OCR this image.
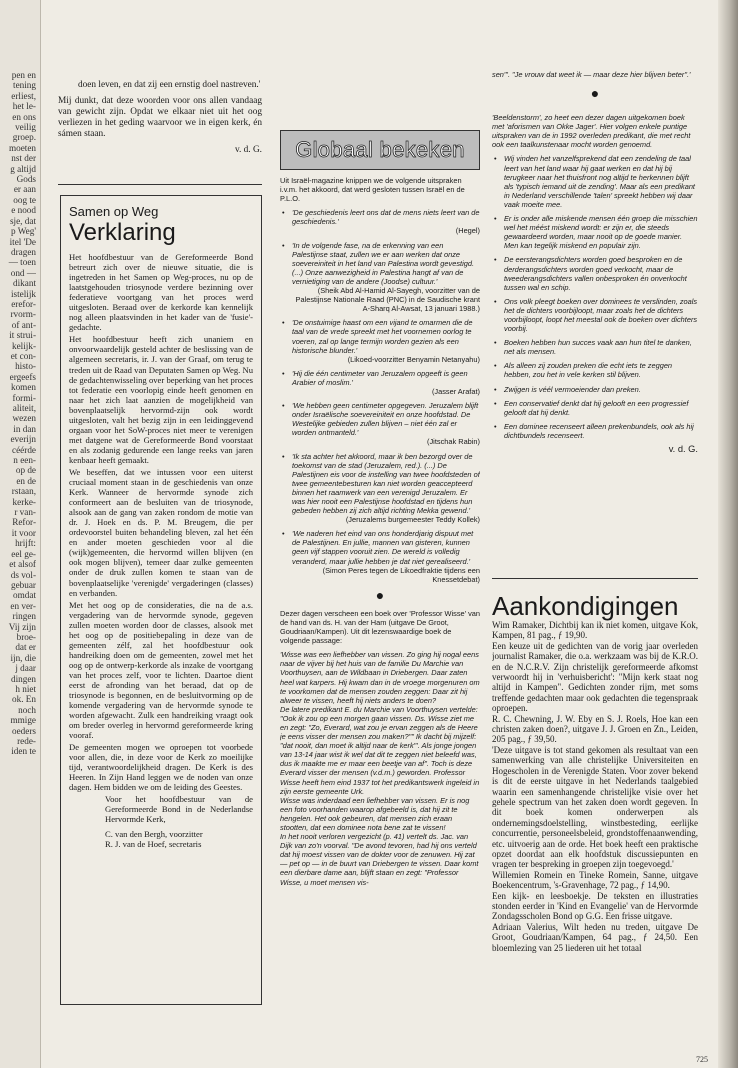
pen en
tening
erliest,
het le-
en ons
veilig
groep.
moeten
nst der
g altijd
Gods
er aan
oog te
e nood
sje, dat
p Weg'
itel 'De
dragen
— toen
ond —
dikant
istelijk
erefor-
rvorm-
of ant-
it strui-
kelijk-
et con-
histo-
ergeefs
komen
formi-
aliteit,
wezen
in dan
everijn
céérde
n een-
op de
en de
rstaan,
kerke-
r van-
Refor-
it voor
hrijft:
eel ge-
et alsof
ds vol-
gebuar
omdat
en ver-
ringen
Vij zijn
broe-
dat er
ijn, die
j daar
dingen
h niet
ok. En
noch
mmige
oeders
rede-
iden te

doen leven, en dat zij een ernstig doel nastreven.'

Mij dunkt, dat deze woorden voor ons allen vandaag van gewicht zijn. Opdat we elkaar niet uit het oog verliezen in het geding waarvoor we in eigen kerk, én sámen staan.

v. d. G.
Samen op Weg
Verklaring

Het hoofdbestuur van de Gereformeerde Bond betreurt zich over de nieuwe situatie, die is ingetreden in het Samen op Weg-proces, nu op de laatstgehouden triosynode verdere bezinning over federatieve voortgang van het proces werd uitgesloten. Beraad over de kerkorde kan kennelijk nog alleen plaatsvinden in het kader van de 'fusie'-gedachte.

Het hoofdbestuur heeft zich unaniem en onvoorwaardelijk gesteld achter de beslissing van de algemeen secretaris, ir. J. van der Graaf, om terug te treden uit de Raad van Deputaten Samen op Weg. Nu de gedachtenwisseling over beperking van het proces tot federatie een voorlopig einde heeft genomen en naar het zich laat aanzien de mogelijkheid van bovenplaatselijk hervormd-zijn ook wordt uitgesloten, valt het bezig zijn in een leidinggevend orgaan voor het SoW-proces niet meer te verenigen met datgene wat de Gereformeerde Bond voorstaat en als zodanig gedurende een lange reeks van jaren kenbaar heeft gemaakt.

We beseffen, dat we intussen voor een uiterst cruciaal moment staan in de geschiedenis van onze Kerk. Wanneer de hervormde synode zich conformeert aan de besluiten van de triosynode, alsook aan de gang van zaken rondom de motie van dr. J. Hoek en ds. P. M. Breugem, die per ordevoorstel buiten behandeling bleven, zal het één en ander moeten geschieden voor al die (wijk)gemeenten, die hervormd willen blijven (en ook mogen blijven), temeer daar zulke gemeenten onder de druk zullen komen te staan van de bovenplaatselijke 'verenigde' vergaderingen (classes) en verbanden.

Met het oog op de consideraties, die na de a.s. vergadering van de hervormde synode, gegeven zullen moeten worden door de classes, alsook met het oog op de positiebepaling in deze van de gemeenten zélf, zal het hoofdbestuur ook handreiking doen om de gemeenten, zowel met het oog op de ontwerp-kerkorde als inzake de voortgang van het proces zelf, voor te lichten. Daartoe dient eerst de afronding van het beraad, dat op de triosynode is begonnen, en de besluitvorming op de komende vergadering van de hervormde synode te worden afgewacht. Zulk een handreiking vraagt ook om breder overleg in hervormd gereformeerde kring vooraf.

De gemeenten mogen we oproepen tot voorbede voor allen, die, in deze voor de Kerk zo moeilijke tijd, verantwoordelijkheid dragen. De Kerk is des Heeren. In Zijn Hand leggen we de noden van onze dagen. Hem bidden we om de leiding des Geestes.

Voor het hoofdbestuur van de Gereformeerde Bond in de Nederlandse Hervormde Kerk,
C. van den Bergh, voorzitter
R. J. van de Hoef, secretaris
Globaal bekeken

Uit Israël-magazine knippen we de volgende uitspraken i.v.m. het akkoord, dat werd gesloten tussen Israël en de P.L.O.

• 'De geschiedenis leert ons dat de mens niets leert van de geschiedenis.'
(Hegel)
• 'In de volgende fase, na de erkenning van een Palestijnse staat, zullen we er aan werken dat onze soevereiniteit in het land van Palestina wordt gevestigd. (...) Onze aanwezigheid in Palestina hangt af van de vernietiging van de andere (Joodse) cultuur.'
(Sheik Abd Al-Hamid Al-Sayegh, voorzitter van de Palestijnse Nationale Raad (PNC) in de Saudische krant A-Sharq Al-Awsat, 13 januari 1988.)
• 'De onstuimige haast om een vijand te omarmen die de taal van de vrede spreekt met het voornemen oorlog te voeren, zal op lange termijn worden gezien als een historische blunder.'
(Likoed-voorzitter Benyamin Netanyahu)
• 'Hij die één centimeter van Jeruzalem opgeeft is geen Arabier of moslim.'
(Jasser Arafat)
• 'We hebben geen centimeter opgegeven. Jeruzalem blijft onder Israëlische soevereiniteit en onze hoofdstad. De Westelijke gebieden zullen blijven – niet één zal er worden ontmanteld.'
(Jitschak Rabin)
• 'Ik sta achter het akkoord, maar ik ben bezorgd over de toekomst van de stad (Jeruzalem, red.). (...) De Palestijnen eis voor de instelling van twee hoofdsteden of twee gemeentebesturen kan niet worden geaccepteerd binnen het raamwerk van een verenigd Jeruzalem. Er was hier nooit een Palestijnse hoofdstad en tijdens hun gebeden hebben zij zich altijd richting Mekka gewend.'
(Jeruzalems burgemeester Teddy Kollek)
• 'We naderen het eind van ons honderdjarig dispuut met de Palestijnen. En jullie, mannen van gisteren, kunnen geen vijf stappen vooruit zien. De wereld is volledig veranderd, maar jullie hebben je dat niet gerealiseerd.'
(Simon Peres tegen de Likoedfraktie tijdens een Knessetdebat)
●

Dezer dagen verscheen een boek over 'Professor Wisse' van de hand van ds. H. van der Ham (uitgave De Groot, Goudriaan/Kampen). Uit dit lezenswaardige boek de volgende passage:

'Wisse was een liefhebber van vissen. Zo ging hij nogal eens naar de vijver bij het huis van de familie Du Marchie van Voorthuysen, aan de Wildbaan in Driebergen. Daar zaten heel wat karpers. Hij kwam dan in de vroege morgenuren om te voorkomen dat de mensen zouden zeggen: Daar zit hij alweer te vissen, heeft hij niets anders te doen?
De latere predikant E. du Marchie van Voorthuysen vertelde: "Ook ik zou op een morgen gaan vissen. Ds. Wisse ziet me en zegt: "Zo, Everard, wat zou je ervan zeggen als de Heere je eens visser der mensen zou maken?"" Ik dacht bij mijzelf: "dat nooit, dan moet ik altijd naar de kerk"'. Als jonge jongen van 13-14 jaar wist ik wel dat dit te zeggen niet beleefd was, dus ik maakte me er maar een beetje van af". Toch is deze Everard visser der mensen (v.d.m.) geworden. Professor Wisse heeft hem eind 1937 tot het predikantswerk ingeleid in zijn eerste gemeente Urk.
Wisse was inderdaad een liefhebber van vissen. Er is nog een foto voorhanden waarop afgebeeld is, dat hij zit te hengelen. Het ook gebeuren, dat mensen zich eraan stootten, dat een dominee nota bene zat te vissen!
In het nooit verloren vergezicht (p. 41) vertelt ds. Jac. van Dijk van zo'n voorval. "De avond tevoren, had hij ons verteld dat hij moest vissen van de dokter voor de zenuwen. Hij zat — pet op — in de buurt van Driebergen te vissen. Daar komt een dierbare dame aan, blijft staan en zegt: "Professor Wisse, u moet mensen vis-

sen"'. "Je vrouw dat weet ik — maar deze hier blijven beter".'

●

'Beeldenstorm', zo heet een dezer dagen uitgekomen boek met 'aforismen van Okke Jager'. Hier volgen enkele puntige uitspraken van de in 1992 overleden predikant, die met recht ook een taalkunstenaar mocht worden genoemd.

• Wij vinden het vanzelfsprekend dat een zendeling de taal leert van het land waar hij gaat werken en dat hij bij terugkeer naar het thuisfront nog altijd te herkennen blijft als 'typisch iemand uit de zending'. Maar als een predikant in Nederland verschillende 'talen' spreekt hebben wij daar vaak moeite mee.
• Er is onder alle miskende mensen één groep die misschien wel het méést miskend wordt: er zijn er, die steeds gewaardeerd worden, maar nooit op de goede manier. Men kan tegelijk miskend en populair zijn.
• De eersterangsdichters worden goed besproken en de derderangsdichters worden goed verkocht, maar de tweederangsdichters vallen onbesproken én onverkocht tussen wal en schip.
• Ons volk pleegt boeken over dominees te verslinden, zoals het de dichters voorbijloopt, maar zoals het de dichters voorbijloopt, loopt het meestal ook de boeken over dichters voorbij.
• Boeken hebben hun succes vaak aan hun titel te danken, net als mensen.
• Als alleen zij zouden preken die echt iets te zeggen hebben, zou het in vele kerken stil blijven.
• Zwijgen is véél vermoeiender dan preken.
• Een conservatief denkt dat hij gelooft en een progressief gelooft dat hij denkt.
• Een dominee recenseert alleen prekenbundels, ook als hij dichtbundels recenseert.
v. d. G.
Aankondigingen

Wim Ramaker, Dichtbij kan ik niet komen, uitgave Kok, Kampen, 81 pag., ƒ 19,90.

Een keuze uit de gedichten van de vorig jaar overleden journalist Ramaker, die o.a. werkzaam was bij de K.R.O. en de N.C.R.V. Zijn christelijk gereformeerde afkomst verwoordt hij in 'verhuisbericht': "Mijn kerk staat nog altijd in Kampen". Gedichten zonder rijm, met soms treffende gedachten maar ook gedachten die tegenspraak oproepen.

R. C. Chewning, J. W. Eby en S. J. Roels, Hoe kan een christen zaken doen?, uitgave J. J. Groen en Zn., Leiden, 205 pag., ƒ 39,50.

'Deze uitgave is tot stand gekomen als resultaat van een samenwerking van alle christelijke Universiteiten en Hogescholen in de Verenigde Staten. Voor zover bekend is dit de eerste uitgave in het Nederlands taalgebied waarin een samenhangende christelijke visie over het gehele spectrum van het zaken doen wordt gegeven. In dit boek komen onderwerpen als ondernemingsdoelstelling, winstbesteding, eerlijke concurrentie, personeelsbeleid, grondstoffenaanwending, etc. uitvoerig aan de orde. Het boek heeft een praktische opzet doordat aan elk hoofdstuk discussiepunten en vragen ter bespreking in groepen zijn toegevoegd.'

Willemien Romein en Tineke Romein, Sanne, uitgave Boekencentrum, 's-Gravenhage, 72 pag., ƒ 14,90.

Een kijk- en leesboekje. De teksten en illustraties stonden eerder in 'Kind en Evangelie' van de Hervormde Zondagsscholen Bond op G.G. Een frisse uitgave.

Adriaan Valerius, Wilt heden nu treden, uitgave De Groot, Goudriaan/Kampen, 64 pag., ƒ 24,50. Een bloemlezing van 25 liederen uit het totaal

725
